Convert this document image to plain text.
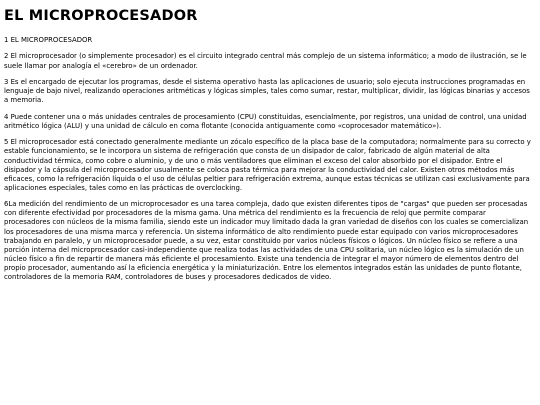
EL MICROPROCESADOR

1 EL MICROPROCESADOR

2 El microprocesador (o simplemente procesador) es el circuito integrado central más complejo de un sistema informático; a modo de ilustración, se le suele llamar por analogía el «cerebro» de un ordenador.

3 Es el encargado de ejecutar los programas, desde el sistema operativo hasta las aplicaciones de usuario; solo ejecuta instrucciones programadas en lenguaje de bajo nivel, realizando operaciones aritméticas y lógicas simples, tales como sumar, restar, multiplicar, dividir, las lógicas binarias y accesos a memoria.

4 Puede contener una o más unidades centrales de procesamiento (CPU) constituidas, esencialmente, por registros, una unidad de control, una unidad aritmético lógica (ALU) y una unidad de cálculo en coma flotante (conocida antiguamente como «coprocesador matemático»).

5 El microprocesador está conectado generalmente mediante un zócalo específico de la placa base de la computadora; normalmente para su correcto y estable funcionamiento, se le incorpora un sistema de refrigeración que consta de un disipador de calor, fabricado de algún material de alta conductividad térmica, como cobre o aluminio, y de uno o más ventiladores que eliminan el exceso del calor absorbido por el disipador. Entre el disipador y la cápsula del microprocesador usualmente se coloca pasta térmica para mejorar la conductividad del calor. Existen otros métodos más eficaces, como la refrigeración líquida o el uso de células peltier para refrigeración extrema, aunque estas técnicas se utilizan casi exclusivamente para aplicaciones especiales, tales como en las prácticas de overclocking.

6La medición del rendimiento de un microprocesador es una tarea compleja, dado que existen diferentes tipos de "cargas" que pueden ser procesadas con diferente efectividad por procesadores de la misma gama. Una métrica del rendimiento es la frecuencia de reloj que permite comparar procesadores con núcleos de la misma familia, siendo este un indicador muy limitado dada la gran variedad de diseños con los cuales se comercializan los procesadores de una misma marca y referencia. Un sistema informático de alto rendimiento puede estar equipado con varios microprocesadores trabajando en paralelo, y un microprocesador puede, a su vez, estar constituido por varios núcleos físicos o lógicos. Un núcleo físico se refiere a una porción interna del microprocesador casi-independiente que realiza todas las actividades de una CPU solitaria, un núcleo lógico es la simulación de un núcleo físico a fin de repartir de manera más eficiente el procesamiento. Existe una tendencia de integrar el mayor número de elementos dentro del propio procesador, aumentando así la eficiencia energética y la miniaturización. Entre los elementos integrados están las unidades de punto flotante, controladores de la memoria RAM, controladores de buses y procesadores dedicados de video.
